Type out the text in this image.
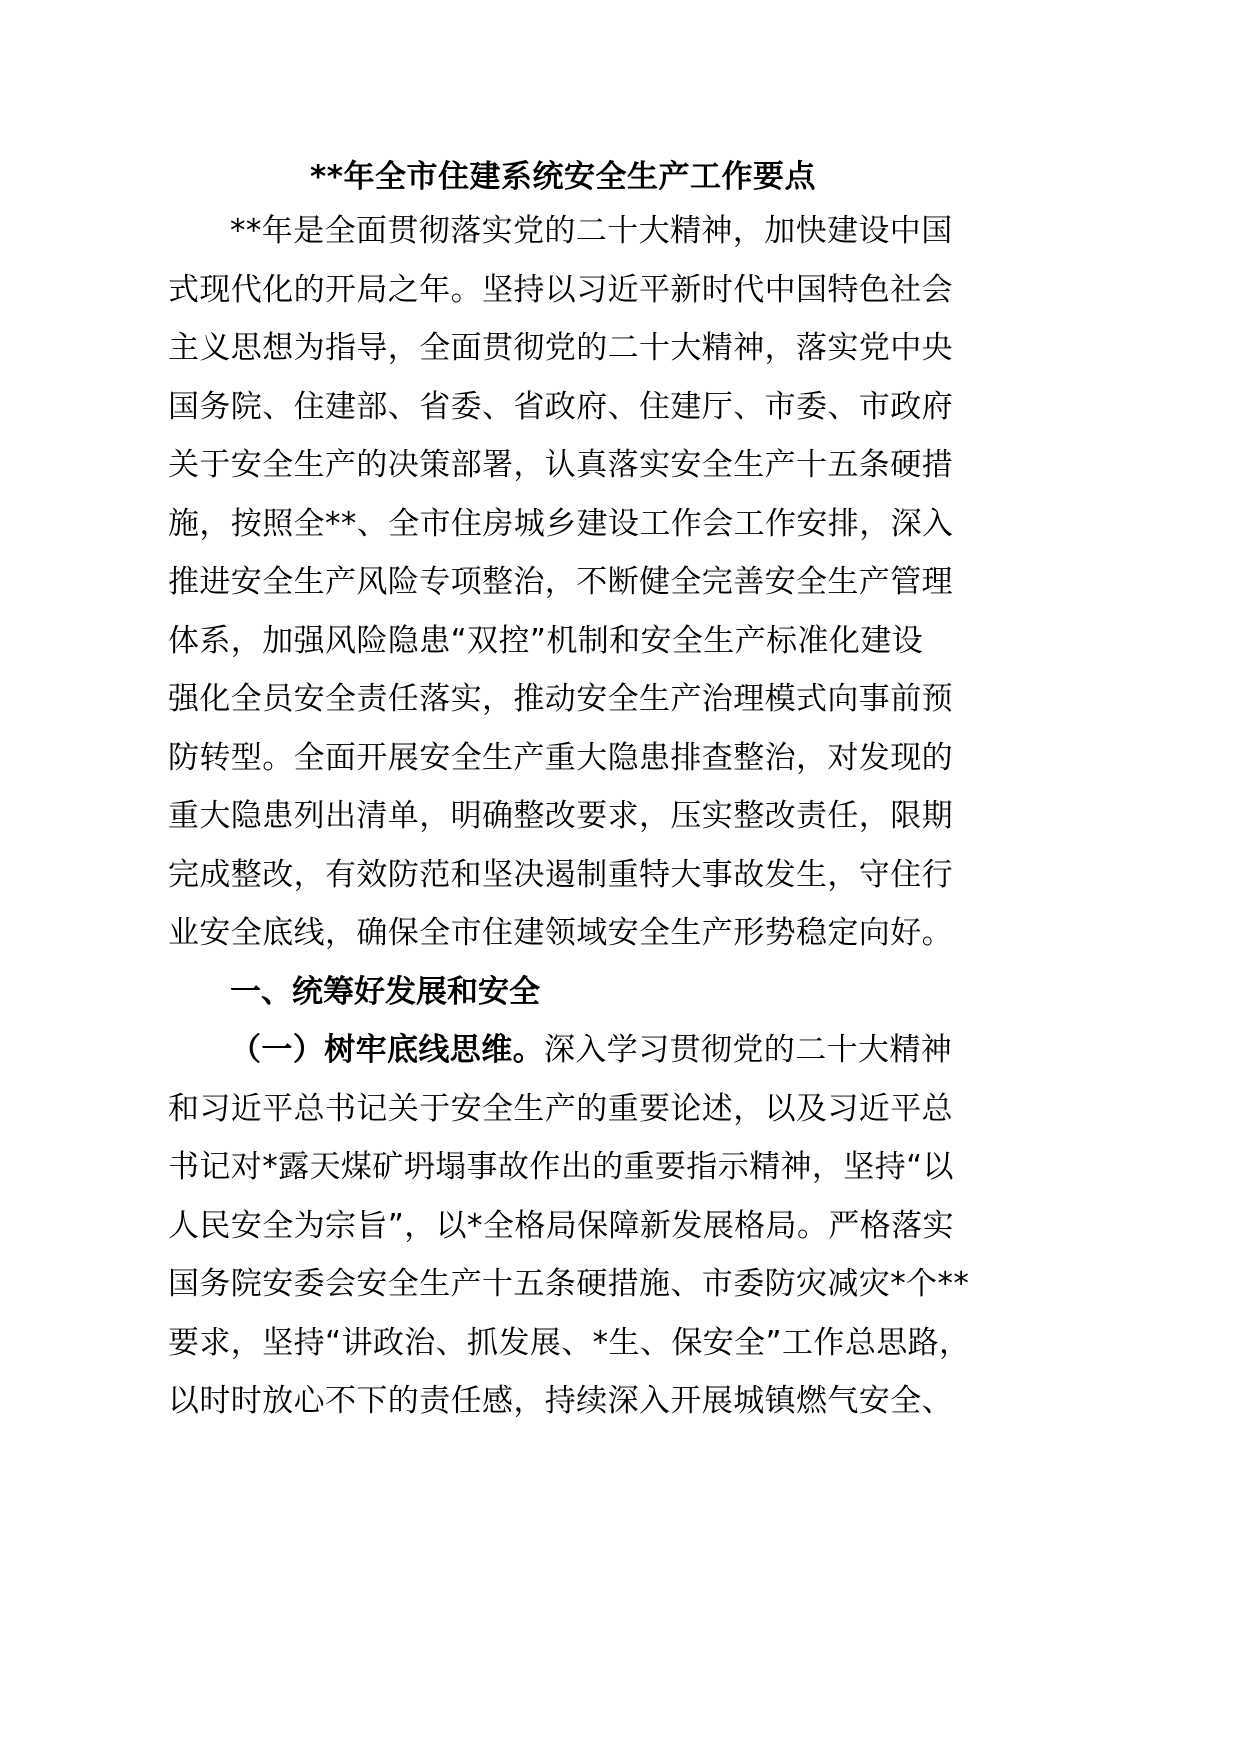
**年全市住建系统安全生产工作要点
**年是全面贯彻落实党的二十大精神，加快建设中国
式现代化的开局之年。坚持以习近平新时代中国特色社会
主义思想为指导，全面贯彻党的二十大精神，落实党中央
国务院、住建部、省委、省政府、住建厅、市委、市政府
关于安全生产的决策部署，认真落实安全生产十五条硬措
施，按照全**、全市住房城乡建设工作会工作安排，深入
推进安全生产风险专项整治，不断健全完善安全生产管理
体系，加强风险隐患“双控”机制和安全生产标准化建设
强化全员安全责任落实，推动安全生产治理模式向事前预
防转型。全面开展安全生产重大隐患排查整治，对发现的
重大隐患列出清单，明确整改要求，压实整改责任，限期
完成整改，有效防范和坚决遏制重特大事故发生，守住行
业安全底线，确保全市住建领域安全生产形势稳定向好。
一、统筹好发展和安全
（一）树牢底线思维。深入学习贯彻党的二十大精神
和习近平总书记关于安全生产的重要论述，以及习近平总
书记对*露天煤矿坍塌事故作出的重要指示精神，坚持“以
人民安全为宗旨”，以*全格局保障新发展格局。严格落实
国务院安委会安全生产十五条硬措施、市委防灾减灾*个**
要求，坚持“讲政治、抓发展、*生、保安全”工作总思路，
以时时放心不下的责任感，持续深入开展城镇燃气安全、
